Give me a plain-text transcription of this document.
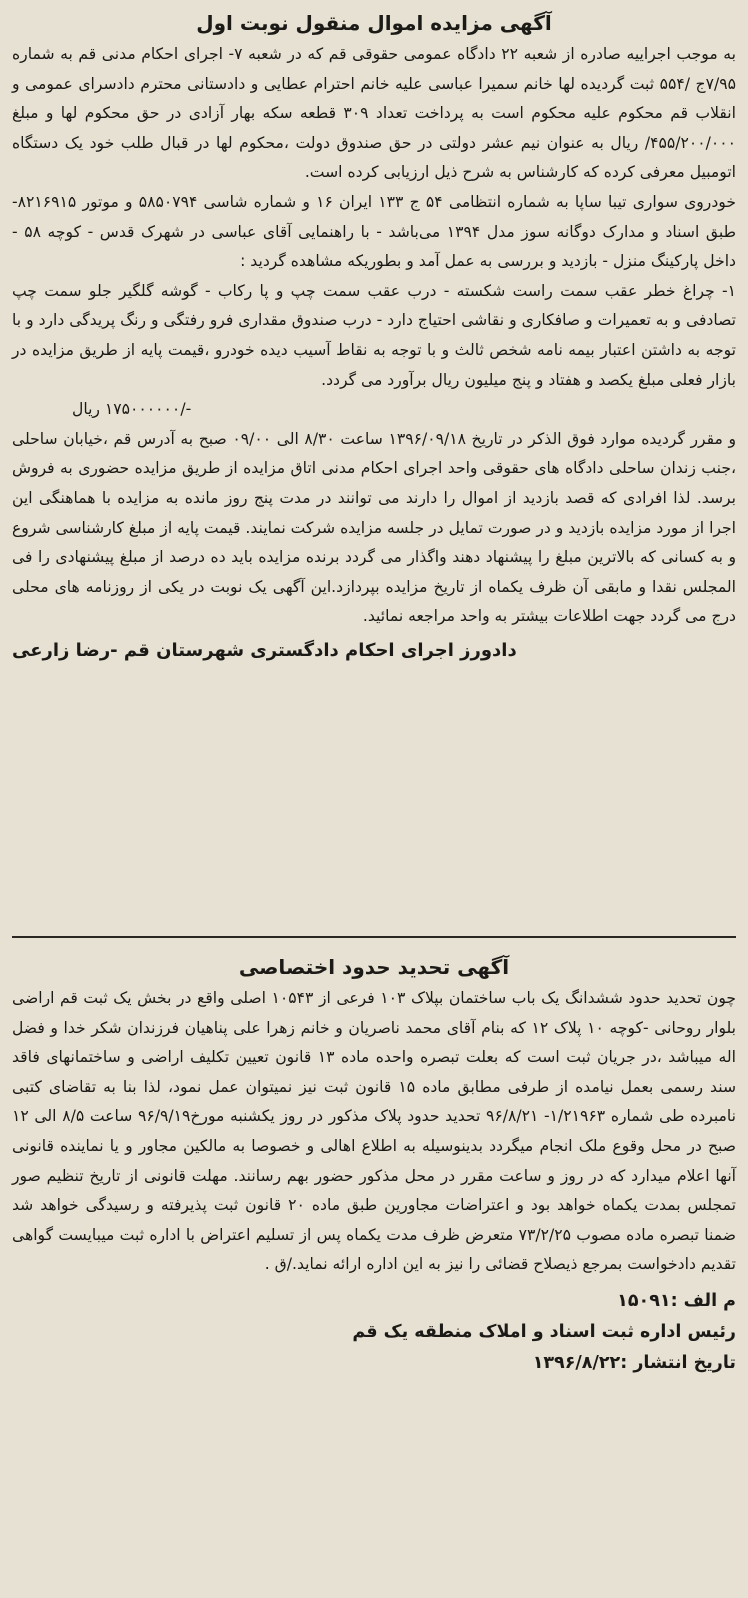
آگهی مزایده اموال منقول نوبت اول

به موجب اجراییه صادره از شعبه ۲۲ دادگاه عمومی حقوقی قم که در شعبه ۷- اجرای احکام مدنی قم به شماره ۷/۹۵ج /۵۵۴ ثبت گردیده لها خانم سمیرا عباسی علیه خانم احترام عطایی و دادستانی محترم دادسرای عمومی و انقلاب قم محکوم علیه محکوم است به پرداخت تعداد ۳۰۹ قطعه سکه بهار آزادی در حق محکوم لها و مبلغ ۴۵۵/۲۰۰/۰۰۰/ ریال به عنوان نیم عشر دولتی در حق صندوق دولت ،محکوم لها در قبال طلب خود یک دستگاه اتومبیل معرفی کرده که کارشناس به شرح ذیل ارزیابی کرده است.

خودروی سواری تیبا ساپا به شماره انتظامی ۵۴ ج ۱۳۳ ایران ۱۶ و شماره شاسی ۵۸۵۰۷۹۴ و موتور ۸۲۱۶۹۱۵- طبق اسناد و مدارک دوگانه سوز مدل ۱۳۹۴ می‌باشد - با راهنمایی آقای عباسی در شهرک قدس - کوچه ۵۸ - داخل پارکینگ منزل - بازدید و بررسی به عمل آمد و بطوریکه مشاهده گردید :

۱- چراغ خطر عقب سمت راست شکسته - درب عقب سمت چپ و پا رکاب - گوشه گلگیر جلو سمت چپ تصادفی و به تعمیرات و صافکاری و نقاشی احتیاج دارد - درب صندوق مقداری فرو رفتگی و رنگ پریدگی دارد و با توجه به داشتن اعتبار بیمه نامه شخص ثالث و با توجه به نقاط آسیب دیده خودرو ،قیمت پایه از طریق مزایده در بازار فعلی مبلغ یکصد و هفتاد و پنج میلیون ریال برآورد می گردد.

-/۱۷۵۰۰۰۰۰۰ ریال

و مقرر گردیده موارد فوق الذکر در تاریخ ۱۳۹۶/۰۹/۱۸ ساعت ۸/۳۰ الی ۰۹/۰۰ صبح به آدرس قم ،خیابان ساحلی ،جنب زندان ساحلی دادگاه های حقوقی واحد اجرای احکام مدنی اتاق مزایده از طریق مزایده حضوری به فروش برسد. لذا افرادی که قصد بازدید از اموال را دارند می توانند در مدت پنج روز مانده به مزایده با هماهنگی این اجرا از مورد مزایده بازدید و در صورت تمایل در جلسه مزایده شرکت نمایند. قیمت پایه از مبلغ کارشناسی شروع و به کسانی که بالاترین مبلغ را پیشنهاد دهند واگذار می گردد برنده مزایده باید ده درصد از مبلغ پیشنهادی را فی المجلس نقدا و مابقی آن ظرف یکماه از تاریخ مزایده بپردازد.این آگهی یک نوبت در یکی از روزنامه های محلی درج می گردد جهت اطلاعات بیشتر به واحد مراجعه نمائید.

دادورز اجرای احکام دادگستری شهرستان قم -رضا زارعی

آگهی تحدید حدود اختصاصی

چون تحدید حدود ششدانگ یک باب ساختمان بپلاک ۱۰۳ فرعی از ۱۰۵۴۳ اصلی واقع در بخش یک ثبت قم اراضی بلوار روحانی -کوچه ۱۰ پلاک ۱۲ که بنام آقای محمد ناصریان و خانم زهرا علی پناهیان فرزندان شکر خدا و فضل اله میباشد ،در جریان ثبت است که بعلت تبصره واحده ماده ۱۳ قانون تعیین تکلیف اراضی و ساختمانهای فاقد سند رسمی بعمل نیامده از طرفی مطابق ماده ۱۵ قانون ثبت نیز نمیتوان عمل نمود، لذا بنا به تقاضای کتبی نامبرده طی شماره ۱/۲۱۹۶۳- ۹۶/۸/۲۱ تحدید حدود پلاک مذکور در روز یکشنبه مورخ۹۶/۹/۱۹ ساعت ۸/۵ الی ۱۲ صبح در محل وقوع ملک انجام میگردد بدینوسیله به اطلاع اهالی و خصوصا به مالکین مجاور و یا نماینده قانونی آنها اعلام میدارد که در روز و ساعت مقرر در محل مذکور حضور بهم رسانند. مهلت قانونی از تاریخ تنظیم صور تمجلس بمدت یکماه خواهد بود و اعتراضات مجاورین طبق ماده ۲۰ قانون ثبت پذیرفته و رسیدگی خواهد شد ضمنا تبصره ماده مصوب ۷۳/۲/۲۵ متعرض ظرف مدت یکماه پس از تسلیم اعتراض با اداره ثبت میبایست گواهی تقدیم دادخواست بمرجع ذیصلاح قضائی را نیز به این اداره ارائه نماید./ق .

م الف :۱۵۰۹۱

رئیس اداره ثبت اسناد و املاک منطقه یک قم

تاریخ انتشار :۱۳۹۶/۸/۲۲
